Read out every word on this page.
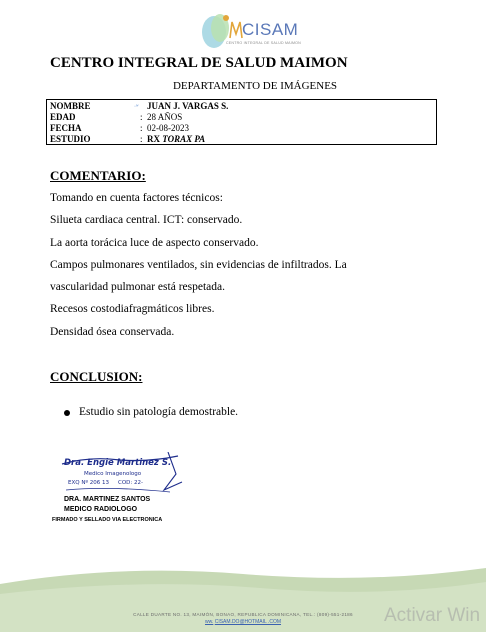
CISAM
CENTRO INTEGRAL DE SALUD MAIMON
CENTRO INTEGRAL DE SALUD MAIMON
DEPARTAMENTO DE IMÁGENES
NOMBRE	·ʷ JUAN J. VARGAS S.
EDAD	: 28 AÑOS
FECHA	: 02-08-2023
ESTUDIO	: RX TORAX PA
COMENTARIO:
Tomando en cuenta factores técnicos:
Silueta cardiaca central. ICT: conservado.
La aorta torácica luce de aspecto conservado.
Campos pulmonares ventilados, sin evidencias de infiltrados. La
vascularidad pulmonar está respetada.
Recesos costodiafragmáticos libres.
Densidad ósea conservada.
CONCLUSION:
Estudio sin patología demostrable.
Dra. Engie Martinez S.
Medico Imagenologo
EXQ Nº 206 13 COD: 22-
DRA. MARTINEZ SANTOS
MEDICO RADIOLOGO
FIRMADO Y SELLADO VIA ELECTRONICA
CALLE DUARTE NO. 13, MAIMÓN, BONAO, REPUBLICA DOMINICANA, TEL.: (809)-551-2186
ww. CISAM.DO@HOTMAIL .COM	Activar Win
